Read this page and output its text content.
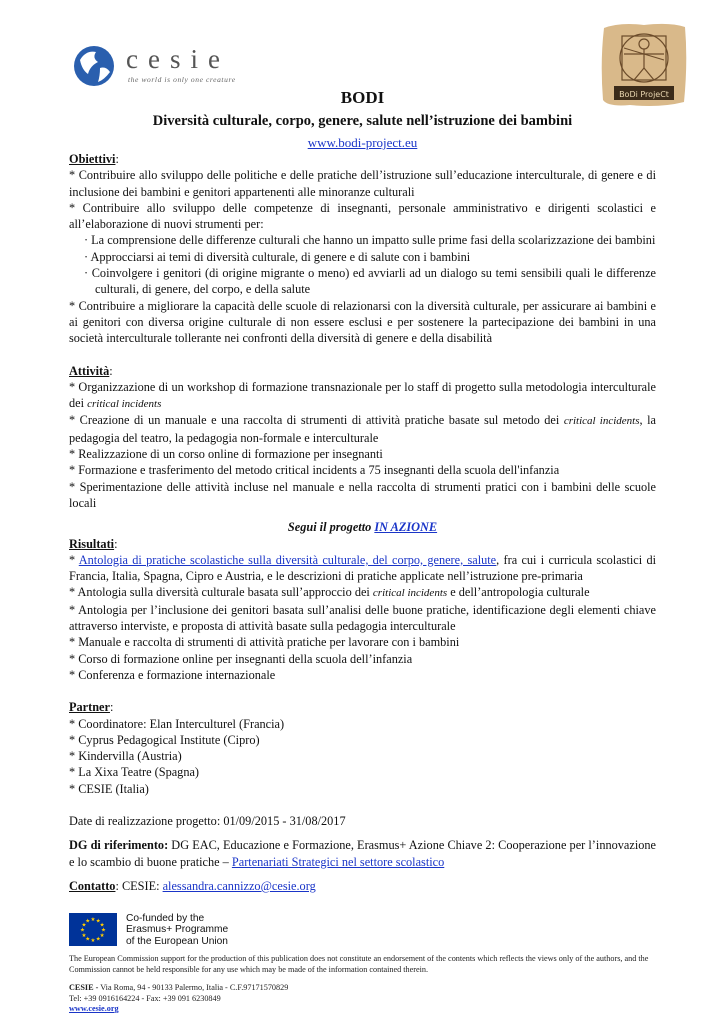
cesie
the world is only one creature
BoDi ProjeCt
BODI
Diversità culturale, corpo, genere, salute nell’istruzione dei bambini
www.bodi-project.eu

Obiettivi:

* Contribuire allo sviluppo delle politiche e delle pratiche dell’istruzione sull’educazione interculturale, di genere e di inclusione dei bambini e genitori appartenenti alle minoranze culturali

* Contribuire allo sviluppo delle competenze di insegnanti, personale amministrativo e dirigenti scolastici e all’elaborazione di nuovi strumenti per:

· La comprensione delle differenze culturali che hanno un impatto sulle prime fasi della scolarizzazione dei bambini

· Approcciarsi ai temi di diversità culturale, di genere e di salute con i bambini

· Coinvolgere i genitori (di origine migrante o meno) ed avviarli ad un dialogo su temi sensibili quali le differenze culturali, di genere, del corpo, e della salute

* Contribuire a migliorare la capacità delle scuole di relazionarsi con la diversità culturale, per assicurare ai bambini e ai genitori con diversa origine culturale di non essere esclusi e per sostenere la partecipazione dei bambini in una società interculturale tollerante nei confronti della diversità di genere e della disabilità

Attività:

* Organizzazione di un workshop di formazione transnazionale per lo staff di progetto sulla metodologia interculturale dei critical incidents

* Creazione di un manuale e una raccolta di strumenti di attività pratiche basate sul metodo dei critical incidents, la pedagogia del teatro, la pedagogia non-formale e interculturale

* Realizzazione di un corso online di formazione per insegnanti

* Formazione e trasferimento del metodo critical incidents a 75 insegnanti della scuola dell'infanzia

* Sperimentazione delle attività incluse nel manuale e nella raccolta di strumenti pratici con i bambini delle scuole locali

Segui il progetto IN AZIONE

Risultati:

* Antologia di pratiche scolastiche sulla diversità culturale, del corpo, genere, salute, fra cui i curricula scolastici di Francia, Italia, Spagna, Cipro e Austria, e le descrizioni di pratiche applicate nell’istruzione pre-primaria

* Antologia sulla diversità culturale basata sull’approccio dei critical incidents e dell’antropologia culturale

* Antologia per l’inclusione dei genitori basata sull’analisi delle buone pratiche, identificazione degli elementi chiave attraverso interviste, e proposta di attività basate sulla pedagogia interculturale

* Manuale e raccolta di strumenti di attività pratiche per lavorare con i bambini

* Corso di formazione online per insegnanti della scuola dell’infanzia

* Conferenza e formazione internazionale

Partner:

* Coordinatore: Elan Interculturel (Francia)

* Cyprus Pedagogical Institute (Cipro)

* Kindervilla (Austria)

* La Xixa Teatre (Spagna)

* CESIE (Italia)

Date di realizzazione progetto: 01/09/2015 - 31/08/2017

DG di riferimento: DG EAC, Educazione e Formazione, Erasmus+ Azione Chiave 2: Cooperazione per l’innovazione e lo scambio di buone pratiche – Partenariati Strategici nel settore scolastico

Contatto: CESIE: alessandra.cannizzo@cesie.org

★
★
★
★
★
★
★
★
★ ★ ★
★
Co-funded by the
Erasmus+ Programme
of the European Union
The European Commission support for the production of this publication does not constitute an endorsement of the contents which reflects the views only of the authors, and the Commission cannot be held responsible for any use which may be made of the information contained therein.
CESIE - Via Roma, 94 - 90133 Palermo, Italia - C.F.97171570829
Tel: +39 0916164224 - Fax: +39 091 6230849
www.cesie.org
